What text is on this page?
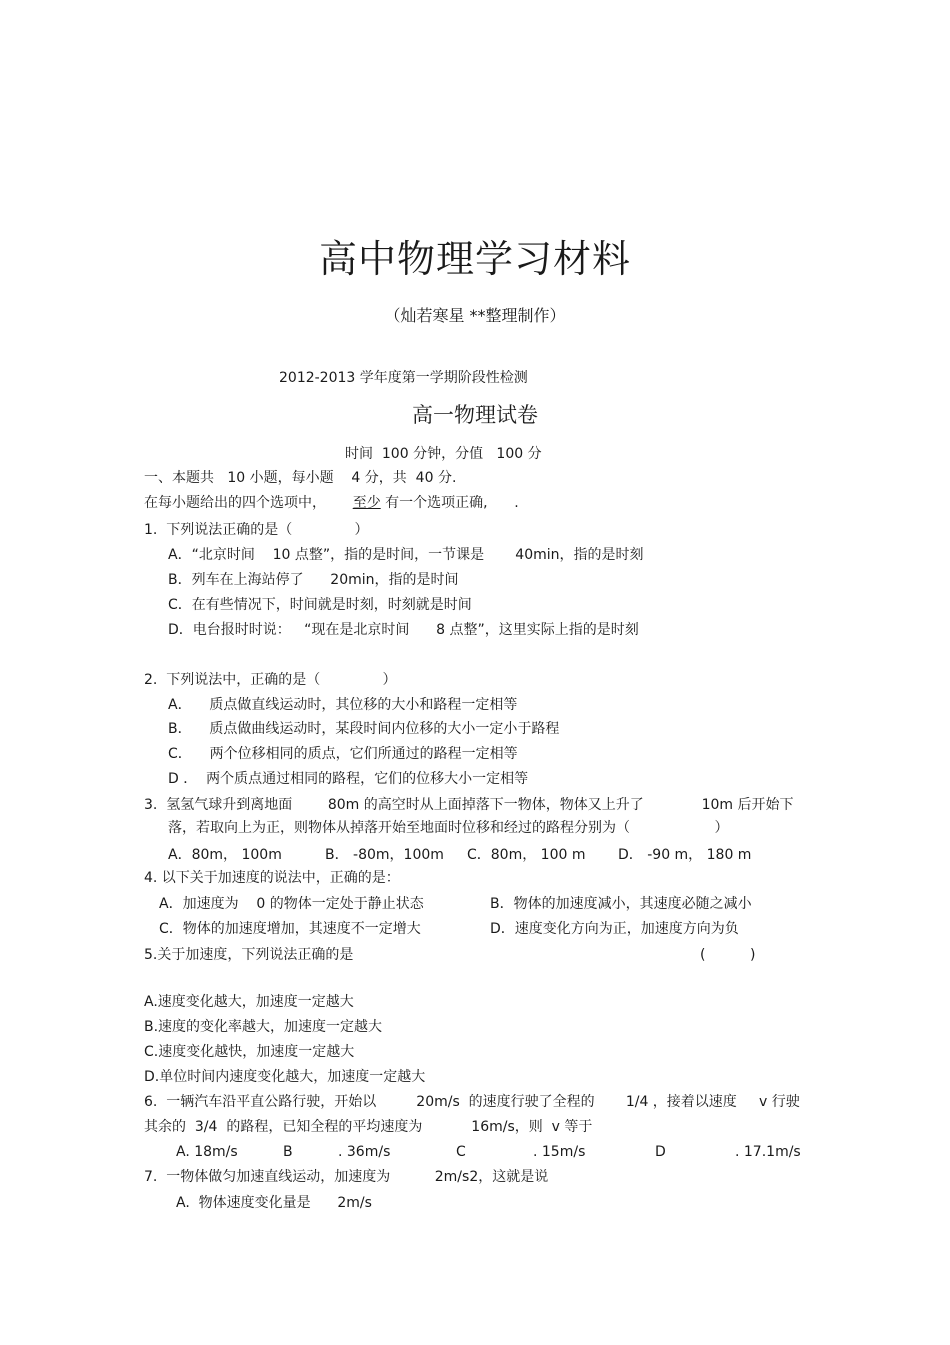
高中物理学习材料
（灿若寒星 **整理制作）
2012-2013 学年度第一学期阶段性检测
高一物理试卷
时间  100 分钟，分值   100 分
一、本题共   10 小题，每小题    4 分，共  40 分.
在每小题给出的四个选项中，      至少 有一个选项正确,      .
1.  下列说法正确的是（              ）
A．“北京时间    10 点整”，指的是时间，一节课是       40min，指的是时刻
B．列车在上海站停了      20min，指的是时间
C．在有些情况下，时间就是时刻，时刻就是时间
D．电台报时时说：   “现在是北京时间      8 点整”，这里实际上指的是时刻
2.  下列说法中，正确的是（              ）
A．    质点做直线运动时，其位移的大小和路程一定相等
B．    质点做曲线运动时，某段时间内位移的大小一定小于路程
C．    两个位移相同的质点，它们所通过的路程一定相等
D ．  两个质点通过相同的路程，它们的位移大小一定相等
3.  氢氢气球升到离地面        80m 的高空时从上面掉落下一物体，物体又上升了             10m 后开始下
落，若取向上为正，则物体从掉落开始至地面时位移和经过的路程分别为（                   ）
A．80m， 100m	B． -80m，100m C．80m， 100 m D． -90 m， 180 m
4. 以下关于加速度的说法中，正确的是：
A．加速度为    0 的物体一定处于静止状态	B．物体的加速度减小，其速度必随之减小
C．物体的加速度增加，其速度不一定增大	D．速度变化方向为正，加速度方向为负
5.关于加速度，下列说法正确的是	(          )
A.速度变化越大，加速度一定越大
B.速度的变化率越大，加速度一定越大
C.速度变化越快，加速度一定越大
D.单位时间内速度变化越大，加速度一定越大
6.  一辆汽车沿平直公路行驶，开始以         20m/s  的速度行驶了全程的       1/4 ，接着以速度     v 行驶
其余的  3/4  的路程，已知全程的平均速度为           16m/s，则  v 等于
A. 18m/s	B	. 36m/s	C	. 15m/s	D	. 17.1m/s
7.  一物体做匀加速直线运动，加速度为          2m/s2，这就是说
A.  物体速度变化量是      2m/s
